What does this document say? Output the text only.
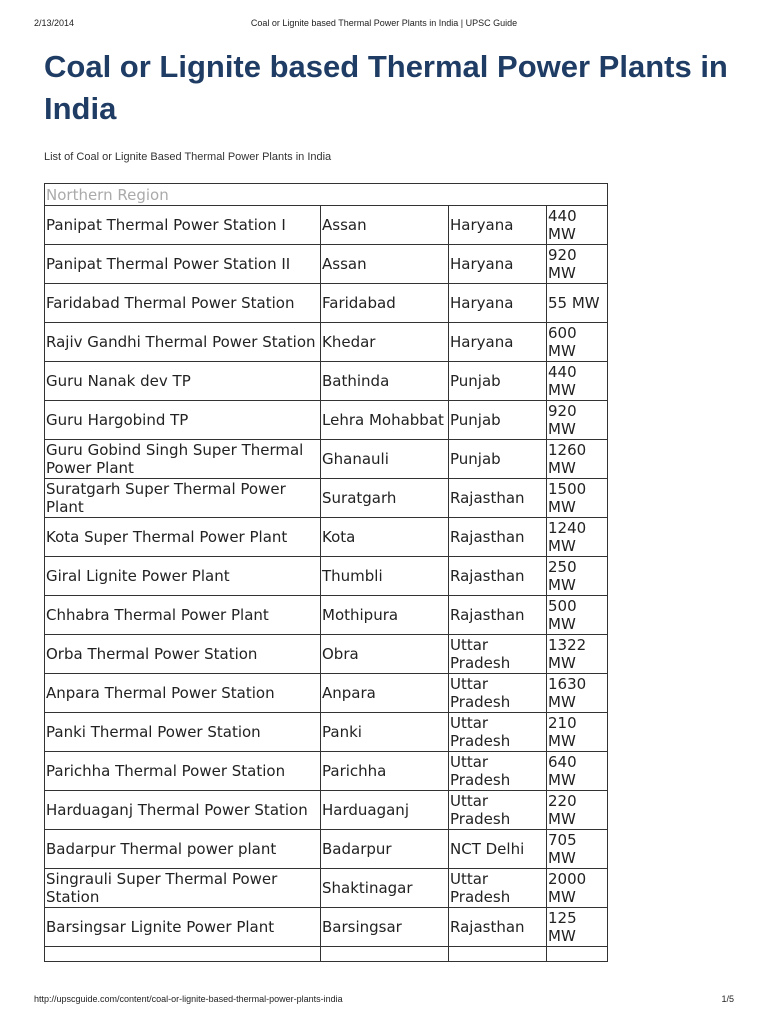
2/13/2014	Coal or Lignite based Thermal Power Plants in India | UPSC Guide
Coal or Lignite based Thermal Power Plants in India
List of Coal or Lignite Based Thermal Power Plants in India
Northern Region			
Panipat Thermal Power Station I	Assan	Haryana	440 MW
Panipat Thermal Power Station II	Assan	Haryana	920 MW
Faridabad Thermal Power Station	Faridabad	Haryana	55 MW
Rajiv Gandhi Thermal Power Station	Khedar	Haryana	600 MW
Guru Nanak dev TP	Bathinda	Punjab	440 MW
Guru Hargobind TP	Lehra Mohabbat	Punjab	920 MW
Guru Gobind Singh Super Thermal Power Plant	Ghanauli	Punjab	1260 MW
Suratgarh Super Thermal Power Plant	Suratgarh	Rajasthan	1500 MW
Kota Super Thermal Power Plant	Kota	Rajasthan	1240 MW
Giral Lignite Power Plant	Thumbli	Rajasthan	250 MW
Chhabra Thermal Power Plant	Mothipura	Rajasthan	500 MW
Orba Thermal Power Station	Obra	Uttar Pradesh	1322 MW
Anpara Thermal Power Station	Anpara	Uttar Pradesh	1630 MW
Panki Thermal Power Station	Panki	Uttar Pradesh	210 MW
Parichha Thermal Power Station	Parichha	Uttar Pradesh	640 MW
Harduaganj Thermal Power Station	Harduaganj	Uttar Pradesh	220 MW
Badarpur Thermal power plant	Badarpur	NCT Delhi	705 MW
Singrauli Super Thermal Power Station	Shaktinagar	Uttar Pradesh	2000 MW
Barsingsar Lignite Power Plant	Barsingsar	Rajasthan	125 MW

http://upscguide.com/content/coal-or-lignite-based-thermal-power-plants-india	1/5
